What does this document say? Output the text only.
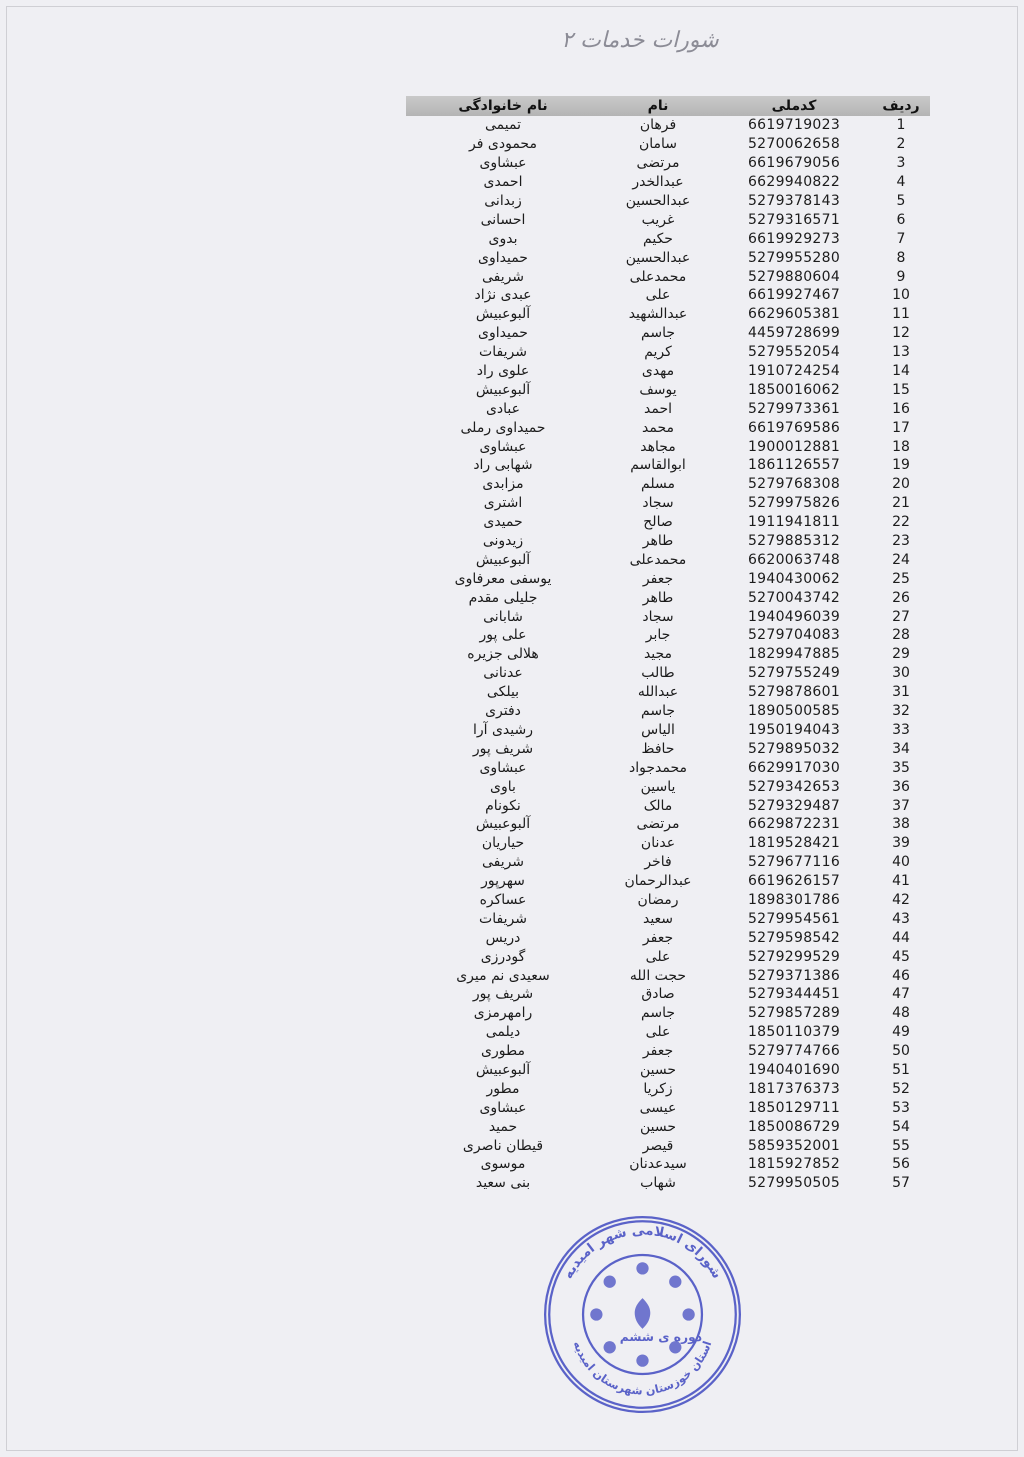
شورات خدمات ۲
ردیف
کدملی
نام
نام خانوادگی
1
6619719023
فرهان
تمیمی
2
5270062658
سامان
محمودی فر
3
6619679056
مرتضی
عبشاوی
4
6629940822
عبدالخدر
احمدی
5
5279378143
عبدالحسین
زبدانی
6
5279316571
غریب
احسانی
7
6619929273
حکیم
بدوی
8
5279955280
عبدالحسین
حمیداوی
9
5279880604
محمدعلی
شریفی
10
6619927467
علی
عبدی نژاد
11
6629605381
عبدالشهید
آلبوعبیش
12
4459728699
جاسم
حمیداوی
13
5279552054
کریم
شریفات
14
1910724254
مهدی
علوی راد
15
1850016062
یوسف
آلبوعبیش
16
5279973361
احمد
عبادی
17
6619769586
محمد
حمیداوی رملی
18
1900012881
مجاهد
عبشاوی
19
1861126557
ابوالقاسم
شهابی راد
20
5279768308
مسلم
مزابدی
21
5279975826
سجاد
اشتری
22
1911941811
صالح
حمیدی
23
5279885312
طاهر
زیدونی
24
6620063748
محمدعلی
آلبوعبیش
25
1940430062
جعفر
یوسفی معرفاوی
26
5270043742
طاهر
جلیلی مقدم
27
1940496039
سجاد
شابانی
28
5279704083
جابر
علی پور
29
1829947885
مجید
هلالی جزیره
30
5279755249
طالب
عدنانی
31
5279878601
عبدالله
بیلکی
32
1890500585
جاسم
دفتری
33
1950194043
الیاس
رشیدی آرا
34
5279895032
حافظ
شریف پور
35
6629917030
محمدجواد
عبشاوی
36
5279342653
یاسین
باوی
37
5279329487
مالک
نکونام
38
6629872231
مرتضی
آلبوعبیش
39
1819528421
عدنان
حیاریان
40
5279677116
فاخر
شریفی
41
6619626157
عبدالرحمان
سهرپور
42
1898301786
رمضان
عساکره
43
5279954561
سعید
شریفات
44
5279598542
جعفر
دریس
45
5279299529
علی
گودرزی
46
5279371386
حجت الله
سعیدی نم میری
47
5279344451
صادق
شریف پور
48
5279857289
جاسم
رامهرمزی
49
1850110379
علی
دیلمی
50
5279774766
جعفر
مطوری
51
1940401690
حسین
آلبوعبیش
52
1817376373
زکریا
مطور
53
1850129711
عیسی
عبشاوی
54
1850086729
حسین
حمید
55
5859352001
قیصر
قیطان ناصری
56
1815927852
سیدعدنان
موسوی
57
5279950505
شهاب
بنی سعید
شورای اسلامی شهر امیدیه
دوره ی ششم
استان خوزستان شهرستان امیدیه
